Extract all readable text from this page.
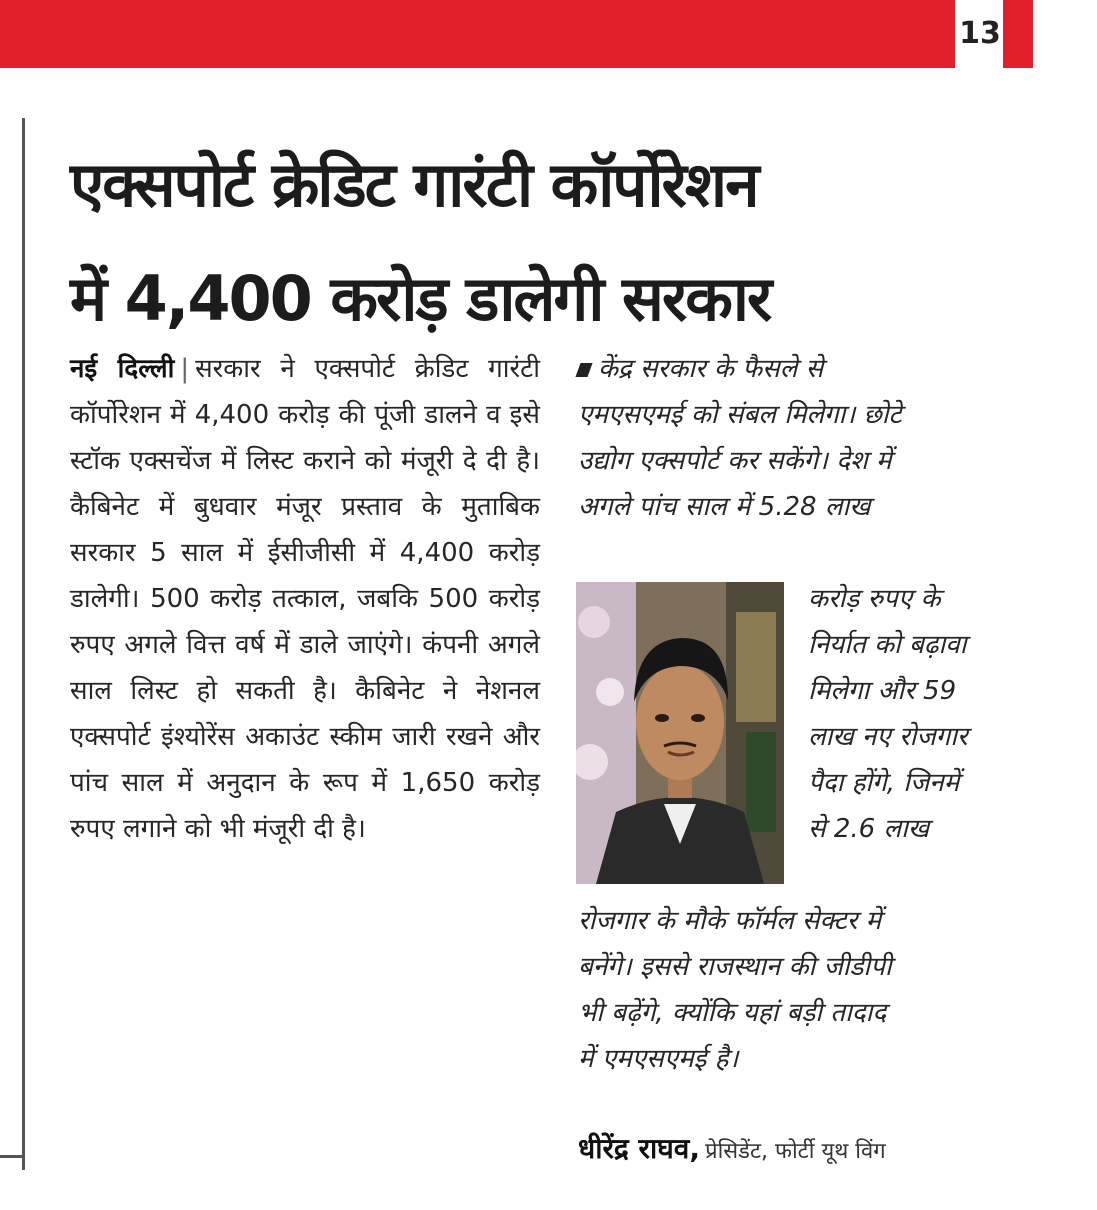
13
एक्सपोर्ट क्रेडिट गारंटी कॉर्पोरेशन
में 4,400 करोड़ डालेगी सरकार
नई दिल्ली | सरकार ने एक्सपोर्ट क्रेडिट गारंटी कॉर्पोरेशन में 4,400 करोड़ की पूंजी डालने व इसे स्टॉक एक्सचेंज में लिस्ट कराने को मंजूरी दे दी है। कैबिनेट में बुधवार मंजूर प्रस्ताव के मुताबिक सरकार 5 साल में ईसीजीसी में 4,400 करोड़ डालेगी। 500 करोड़ तत्काल, जबकि 500 करोड़ रुपए अगले वित्त वर्ष में डाले जाएंगे। कंपनी अगले साल लिस्ट हो सकती है। कैबिनेट ने नेशनल एक्सपोर्ट इंश्योरेंस अकाउंट स्कीम जारी रखने और पांच साल में अनुदान के रूप में 1,650 करोड़ रुपए लगाने को भी मंजूरी दी है।
केंद्र सरकार के फैसले से
एमएसएमई को संबल मिलेगा। छोटे
उद्योग एक्सपोर्ट कर सकेंगे। देश में
अगले पांच साल में 5.28 लाख
करोड़ रुपए के
निर्यात को बढ़ावा
मिलेगा और 59
लाख नए रोजगार
पैदा होंगे, जिनमें
से 2.6 लाख
रोजगार के मौके फॉर्मल सेक्टर में
बनेंगे। इससे राजस्थान की जीडीपी
भी बढ़ेंगे, क्योंकि यहां बड़ी तादाद
में एमएसएमई है।
धीरेंद्र राघव, प्रेसिडेंट, फोर्टी यूथ विंग
